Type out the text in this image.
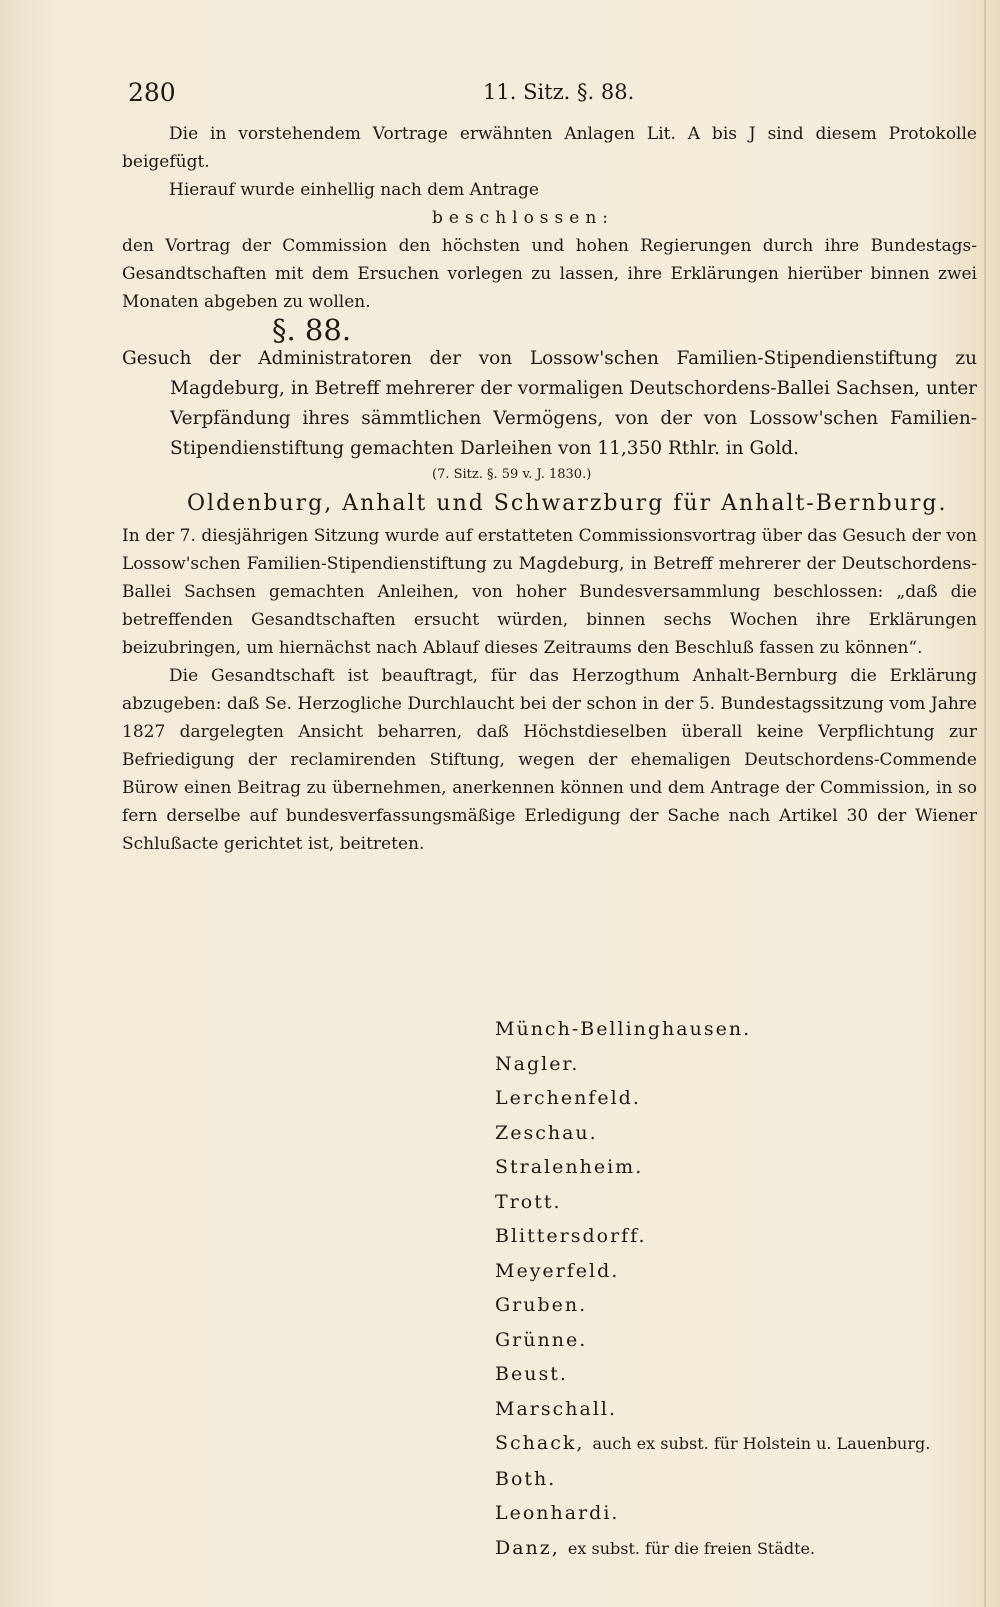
280	11. Sitz. §. 88.

Die in vorstehendem Vortrage erwähnten Anlagen Lit. A bis J sind diesem Protokolle beigefügt.

Hierauf wurde einhellig nach dem Antrage

beschlossen:

den Vortrag der Commission den höchsten und hohen Regierungen durch ihre Bundestags-Gesandtschaften mit dem Ersuchen vorlegen zu lassen, ihre Erklärungen hierüber binnen zwei Monaten abgeben zu wollen.

§. 88.

Gesuch der Administratoren der von Lossow'schen Familien-Stipendienstiftung zu Magdeburg, in Betreff mehrerer der vormaligen Deutschordens-Ballei Sachsen, unter Verpfändung ihres sämmtlichen Vermögens, von der von Lossow'schen Familien-Stipendienstiftung gemachten Darleihen von 11,350 Rthlr. in Gold.

(7. Sitz. §. 59 v. J. 1830.)

Oldenburg, Anhalt und Schwarzburg für Anhalt-Bernburg.

In der 7. diesjährigen Sitzung wurde auf erstatteten Commissionsvortrag über das Gesuch der von Lossow'schen Familien-Stipendienstiftung zu Magdeburg, in Betreff mehrerer der Deutschordens-Ballei Sachsen gemachten Anleihen, von hoher Bundesversammlung beschlossen: „daß die betreffenden Gesandtschaften ersucht würden, binnen sechs Wochen ihre Erklärungen beizubringen, um hiernächst nach Ablauf dieses Zeitraums den Beschluß fassen zu können“.

Die Gesandtschaft ist beauftragt, für das Herzogthum Anhalt-Bernburg die Erklärung abzugeben: daß Se. Herzogliche Durchlaucht bei der schon in der 5. Bundestagssitzung vom Jahre 1827 dargelegten Ansicht beharren, daß Höchstdieselben überall keine Verpflichtung zur Befriedigung der reclamirenden Stiftung, wegen der ehemaligen Deutschordens-Commende Bürow einen Beitrag zu übernehmen, anerkennen können und dem Antrage der Commission, in so fern derselbe auf bundesverfassungsmäßige Erledigung der Sache nach Artikel 30 der Wiener Schlußacte gerichtet ist, beitreten.

Münch-Bellinghausen.
Nagler.
Lerchenfeld.
Zeschau.
Stralenheim.
Trott.
Blittersdorff.
Meyerfeld.
Gruben.
Grünne.
Beust.
Marschall.
Schack, auch ex subst. für Holstein u. Lauenburg.
Both.
Leonhardi.
Danz, ex subst. für die freien Städte.
